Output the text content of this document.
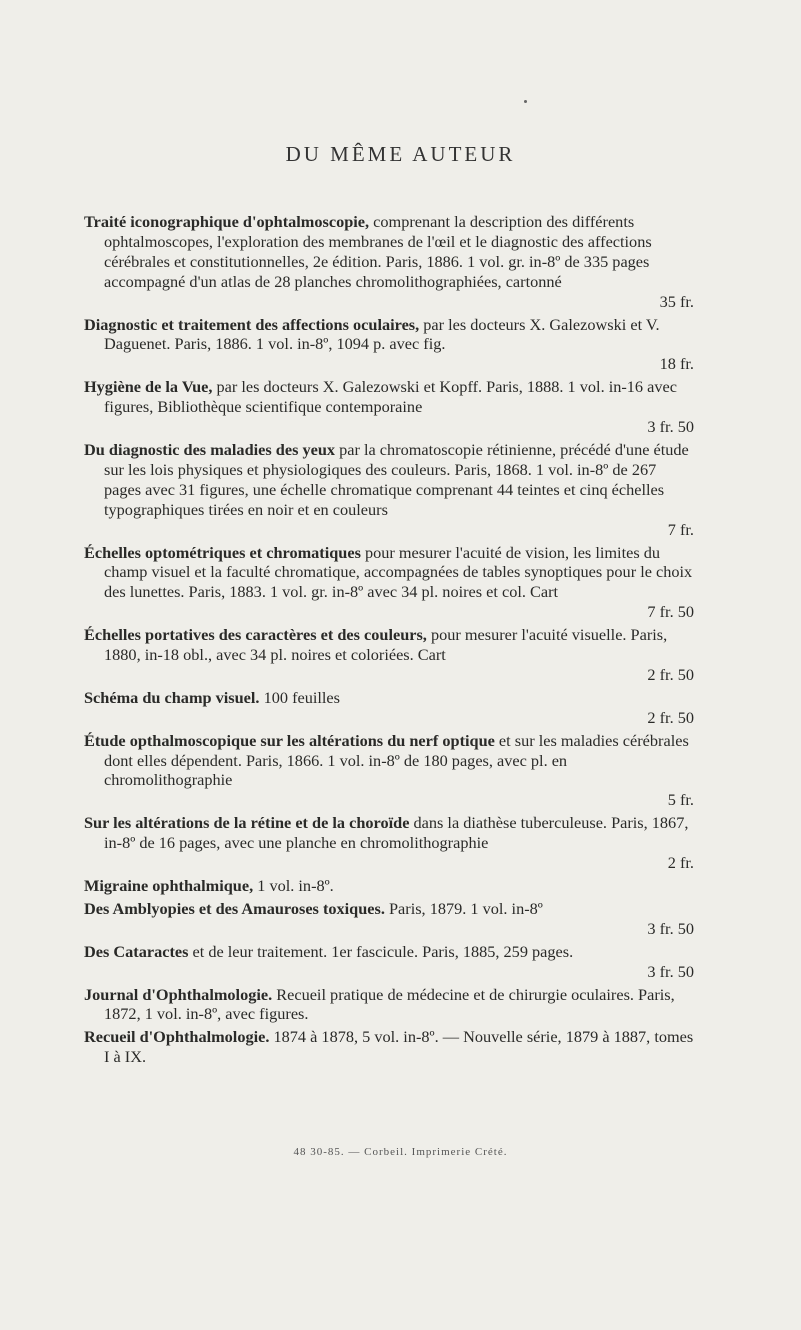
DU MÊME AUTEUR
Traité iconographique d'ophtalmoscopie, comprenant la description des différents ophtalmoscopes, l'exploration des membranes de l'œil et le diagnostic des affections cérébrales et constitutionnelles, 2e édition. Paris, 1886. 1 vol. gr. in-8º de 335 pages accompagné d'un atlas de 28 planches chromolithographiées, cartonné
35 fr.
Diagnostic et traitement des affections oculaires, par les docteurs X. Galezowski et V. Daguenet. Paris, 1886. 1 vol. in-8º, 1094 p. avec fig.
18 fr.
Hygiène de la Vue, par les docteurs X. Galezowski et Kopff. Paris, 1888. 1 vol. in-16 avec figures, Bibliothèque scientifique contemporaine
3 fr. 50
Du diagnostic des maladies des yeux par la chromatoscopie rétinienne, précédé d'une étude sur les lois physiques et physiologiques des couleurs. Paris, 1868. 1 vol. in-8º de 267 pages avec 31 figures, une échelle chromatique comprenant 44 teintes et cinq échelles typographiques tirées en noir et en couleurs
7 fr.
Échelles optométriques et chromatiques pour mesurer l'acuité de vision, les limites du champ visuel et la faculté chromatique, accompagnées de tables synoptiques pour le choix des lunettes. Paris, 1883. 1 vol. gr. in-8º avec 34 pl. noires et col. Cart
7 fr. 50
Échelles portatives des caractères et des couleurs, pour mesurer l'acuité visuelle. Paris, 1880, in-18 obl., avec 34 pl. noires et coloriées. Cart
2 fr. 50
Schéma du champ visuel. 100 feuilles
2 fr. 50
Étude opthalmoscopique sur les altérations du nerf optique et sur les maladies cérébrales dont elles dépendent. Paris, 1866. 1 vol. in-8º de 180 pages, avec pl. en chromolithographie
5 fr.
Sur les altérations de la rétine et de la choroïde dans la diathèse tuberculeuse. Paris, 1867, in-8º de 16 pages, avec une planche en chromolithographie
2 fr.
Migraine ophthalmique, 1 vol. in-8º.
Des Amblyopies et des Amauroses toxiques. Paris, 1879. 1 vol. in-8º
3 fr. 50
Des Cataractes et de leur traitement. 1er fascicule. Paris, 1885, 259 pages.
3 fr. 50
Journal d'Ophthalmologie. Recueil pratique de médecine et de chirurgie oculaires. Paris, 1872, 1 vol. in-8º, avec figures.
Recueil d'Ophthalmologie. 1874 à 1878, 5 vol. in-8º. — Nouvelle série, 1879 à 1887, tomes I à IX.
48 30-85. — Corbeil. Imprimerie Crété.
